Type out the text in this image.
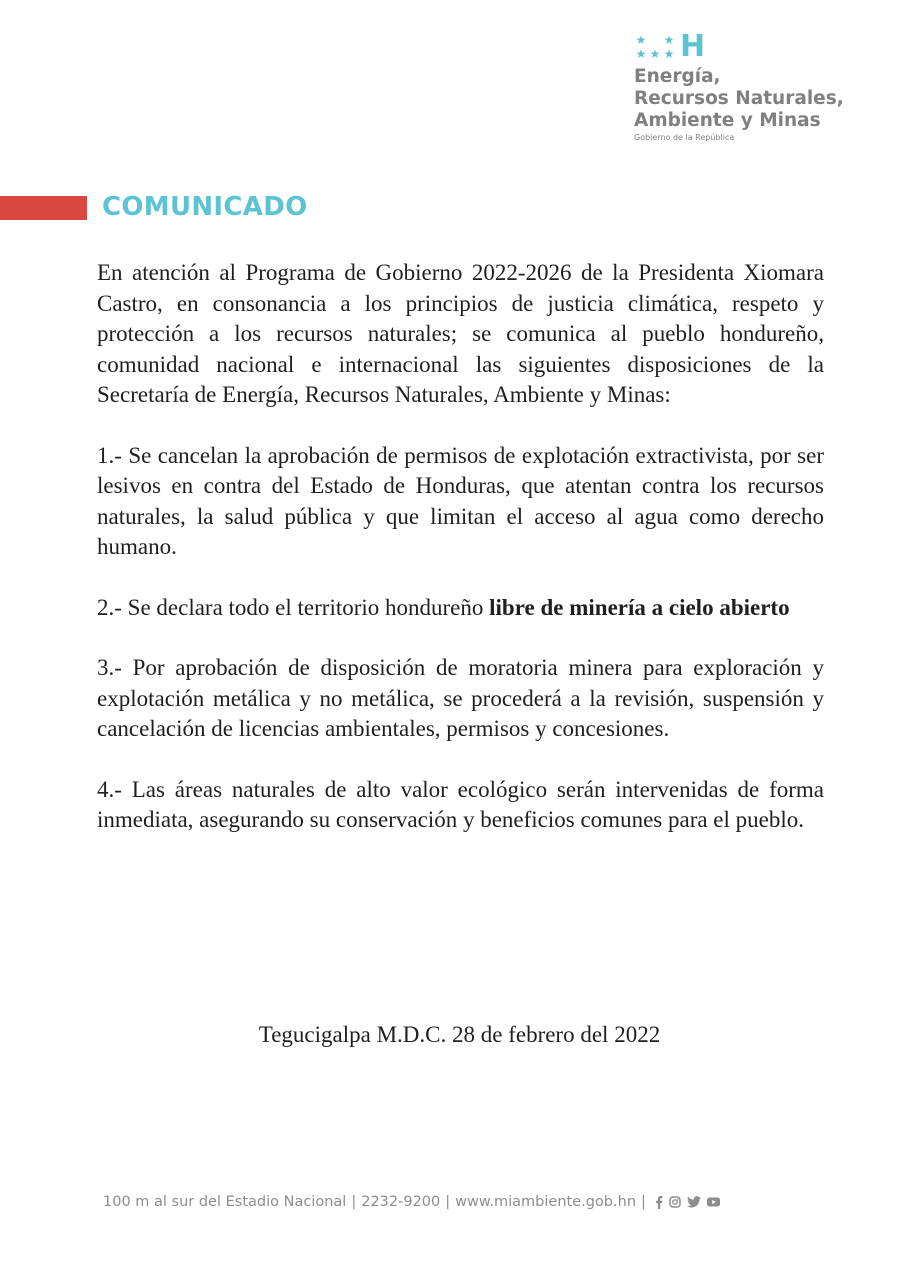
★ ★
★ ★ ★ H
Energía,
Recursos Naturales,
Ambiente y Minas
Gobierno de la República
COMUNICADO

En atención al Programa de Gobierno 2022-2026 de la Presidenta Xiomara Castro, en consonancia a los principios de justicia climática, respeto y protección a los recursos naturales; se comunica al pueblo hondureño, comunidad nacional e internacional las siguientes disposiciones de la Secretaría de Energía, Recursos Naturales, Ambiente y Minas:

1.- Se cancelan la aprobación de permisos de explotación extractivista, por ser lesivos en contra del Estado de Honduras, que atentan contra los recursos naturales, la salud pública y que limitan el acceso al agua como derecho humano.

2.- Se declara todo el territorio hondureño libre de minería a cielo abierto

3.- Por aprobación de disposición de moratoria minera para exploración y explotación metálica y no metálica, se procederá a la revisión, suspensión y cancelación de licencias ambientales, permisos y concesiones.

4.- Las áreas naturales de alto valor ecológico serán intervenidas de forma inmediata, asegurando su conservación y beneficios comunes para el pueblo.

Tegucigalpa M.D.C. 28 de febrero del 2022
100 m al sur del Estadio Nacional | 2232-9200 | www.miambiente.gob.hn |
